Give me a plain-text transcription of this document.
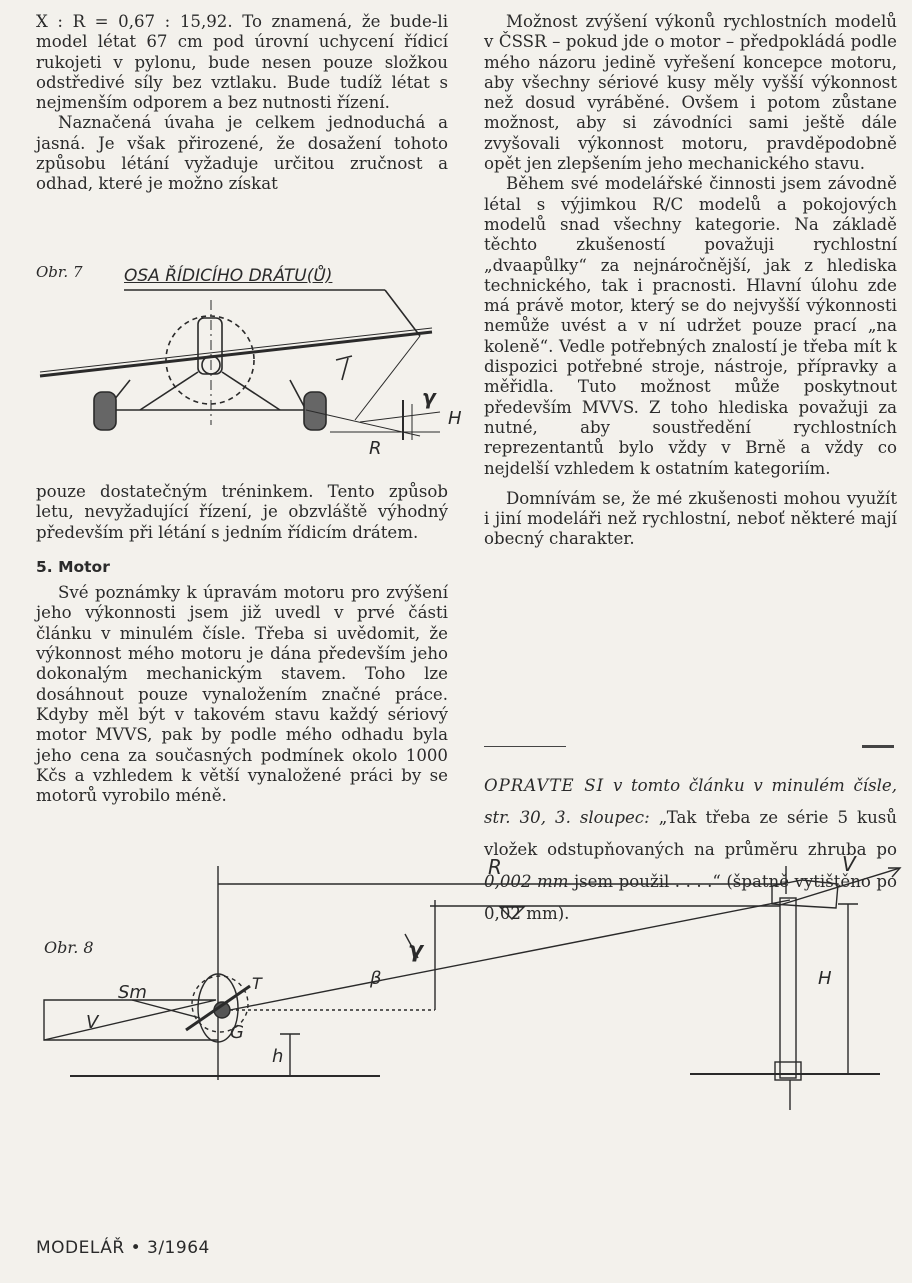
X : R = 0,67 : 15,92. To znamená, že bude-li model létat 67 cm pod úrovní uchycení řídicí rukojeti v pylonu, bude nesen pouze složkou odstředivé síly bez vztlaku. Bude tudíž létat s nejmenším odporem a bez nutnosti řízení.

Naznačená úvaha je celkem jednoduchá a jasná. Je však přirozené, že dosažení tohoto způsobu létání vyžaduje určitou zručnost a odhad, které je možno získat

Obr. 7 OSA ŘÍDICÍHO DRÁTU(Ů)
R
H
γ

pouze dostatečným tréninkem. Tento způsob letu, nevyžadující řízení, je obzvláště výhodný především při létání s jedním řídicím drátem.

5. Motor

Své poznámky k úpravám motoru pro zvýšení jeho výkonnosti jsem již uvedl v prvé části článku v minulém čísle. Třeba si uvědomit, že výkonnost mého motoru je dána především jeho dokonalým mechanickým stavem. Toho lze dosáhnout pouze vynaložením značné práce. Kdyby měl být v takovém stavu každý sériový motor MVVS, pak by podle mého odhadu byla jeho cena za současných podmínek okolo 1000 Kčs a vzhledem k větší vynaložené práci by se motorů vyrobilo méně.

Možnost zvýšení výkonů rychlostních modelů v ČSSR – pokud jde o motor – předpokládá podle mého názoru jedině vyřešení koncepce motoru, aby všechny sériové kusy měly vyšší výkonnost než dosud vyráběné. Ovšem i potom zůstane možnost, aby si závodníci sami ještě dále zvyšovali výkonnost motoru, pravděpodobně opět jen zlepšením jeho mechanického stavu.

Během své modelářské činnosti jsem závodně létal s výjimkou R/C modelů a pokojových modelů snad všechny kategorie. Na základě těchto zkušeností považuji rychlostní „dvaapůlky“ za nejnáročnější, jak z hlediska technického, tak i pracnosti. Hlavní úlohu zde má právě motor, který se do nejvyšší výkonnosti nemůže uvést a v ní udržet pouze prací „na koleně“. Vedle potřebných znalostí je třeba mít k dispozici potřebné stroje, nástroje, přípravky a měřidla. Tuto možnost může poskytnout především MVVS. Z toho hlediska považuji za nutné, aby soustředění rychlostních reprezentantů bylo vždy v Brně a vždy co nejdelší vzhledem k ostatním kategoriím.

Domnívám se, že mé zkušenosti mohou využít i jiní modeláři než rychlostní, neboť některé mají obecný charakter.

OPRAVTE SI v tomto článku v minulém čísle, str. 30, 3. sloupec: „Tak třeba ze série 5 kusů vložek odstupňovaných na průměru zhruba po 0,002 mm jsem použil . . . .“ (špatně vytištěno po 0,02 mm).
Obr. 8
R	V
V
Sm
G
h
H
β
γ
T
MODELÁŘ • 3/1964
